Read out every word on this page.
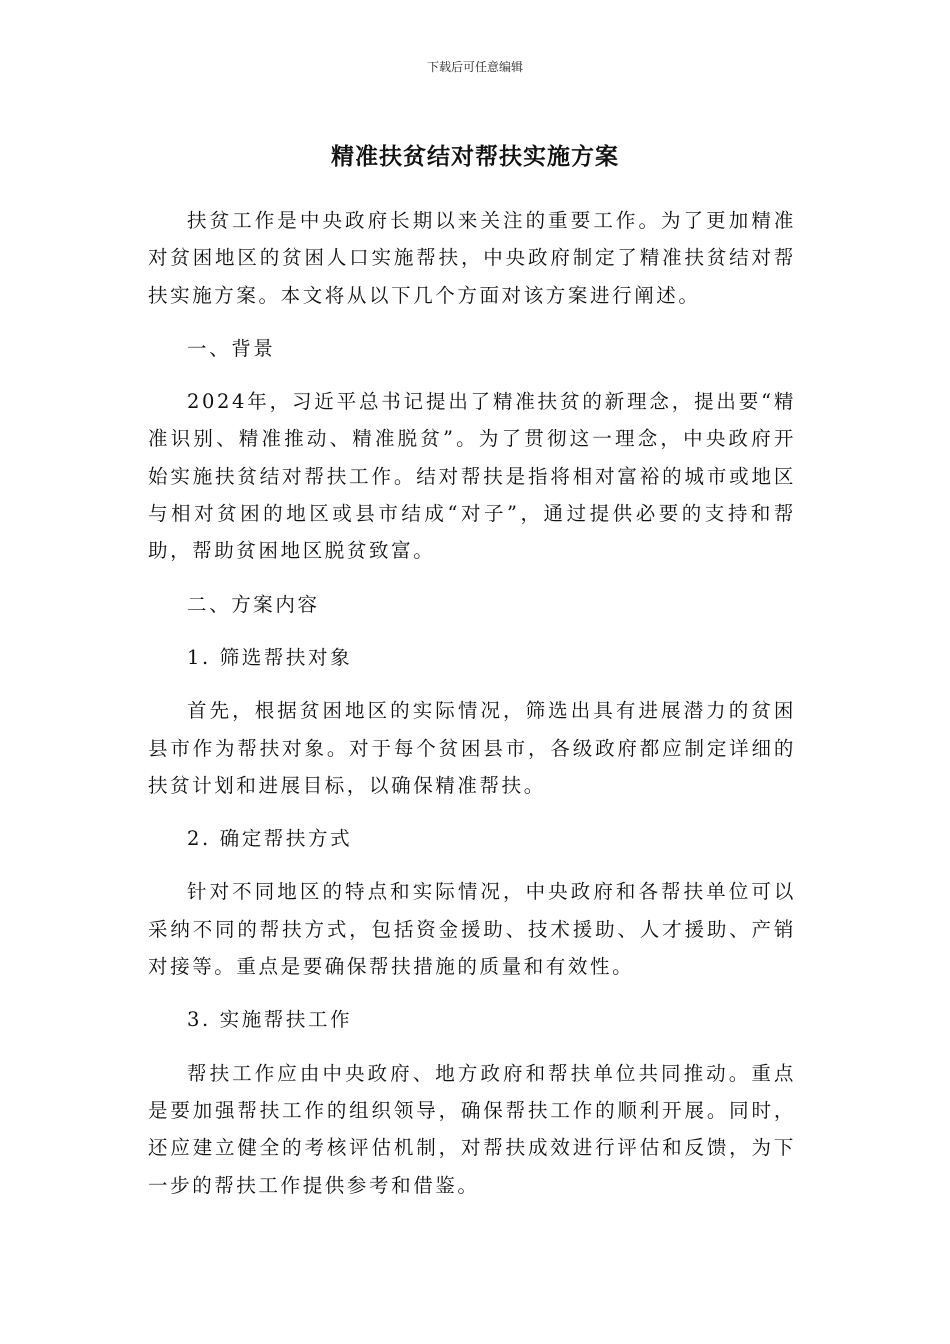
下载后可任意编辑
精准扶贫结对帮扶实施方案

扶贫工作是中央政府长期以来关注的重要工作。为了更加精准对贫困地区的贫困人口实施帮扶，中央政府制定了精准扶贫结对帮扶实施方案。本文将从以下几个方面对该方案进行阐述。

一、背景

2024年，习近平总书记提出了精准扶贫的新理念，提出要“精准识别、精准推动、精准脱贫”。为了贯彻这一理念，中央政府开始实施扶贫结对帮扶工作。结对帮扶是指将相对富裕的城市或地区与相对贫困的地区或县市结成“对子”，通过提供必要的支持和帮助，帮助贫困地区脱贫致富。

二、方案内容

1. 筛选帮扶对象

首先，根据贫困地区的实际情况，筛选出具有进展潜力的贫困县市作为帮扶对象。对于每个贫困县市，各级政府都应制定详细的扶贫计划和进展目标，以确保精准帮扶。

2. 确定帮扶方式

针对不同地区的特点和实际情况，中央政府和各帮扶单位可以采纳不同的帮扶方式，包括资金援助、技术援助、人才援助、产销对接等。重点是要确保帮扶措施的质量和有效性。

3. 实施帮扶工作

帮扶工作应由中央政府、地方政府和帮扶单位共同推动。重点是要加强帮扶工作的组织领导，确保帮扶工作的顺利开展。同时，还应建立健全的考核评估机制，对帮扶成效进行评估和反馈，为下一步的帮扶工作提供参考和借鉴。
